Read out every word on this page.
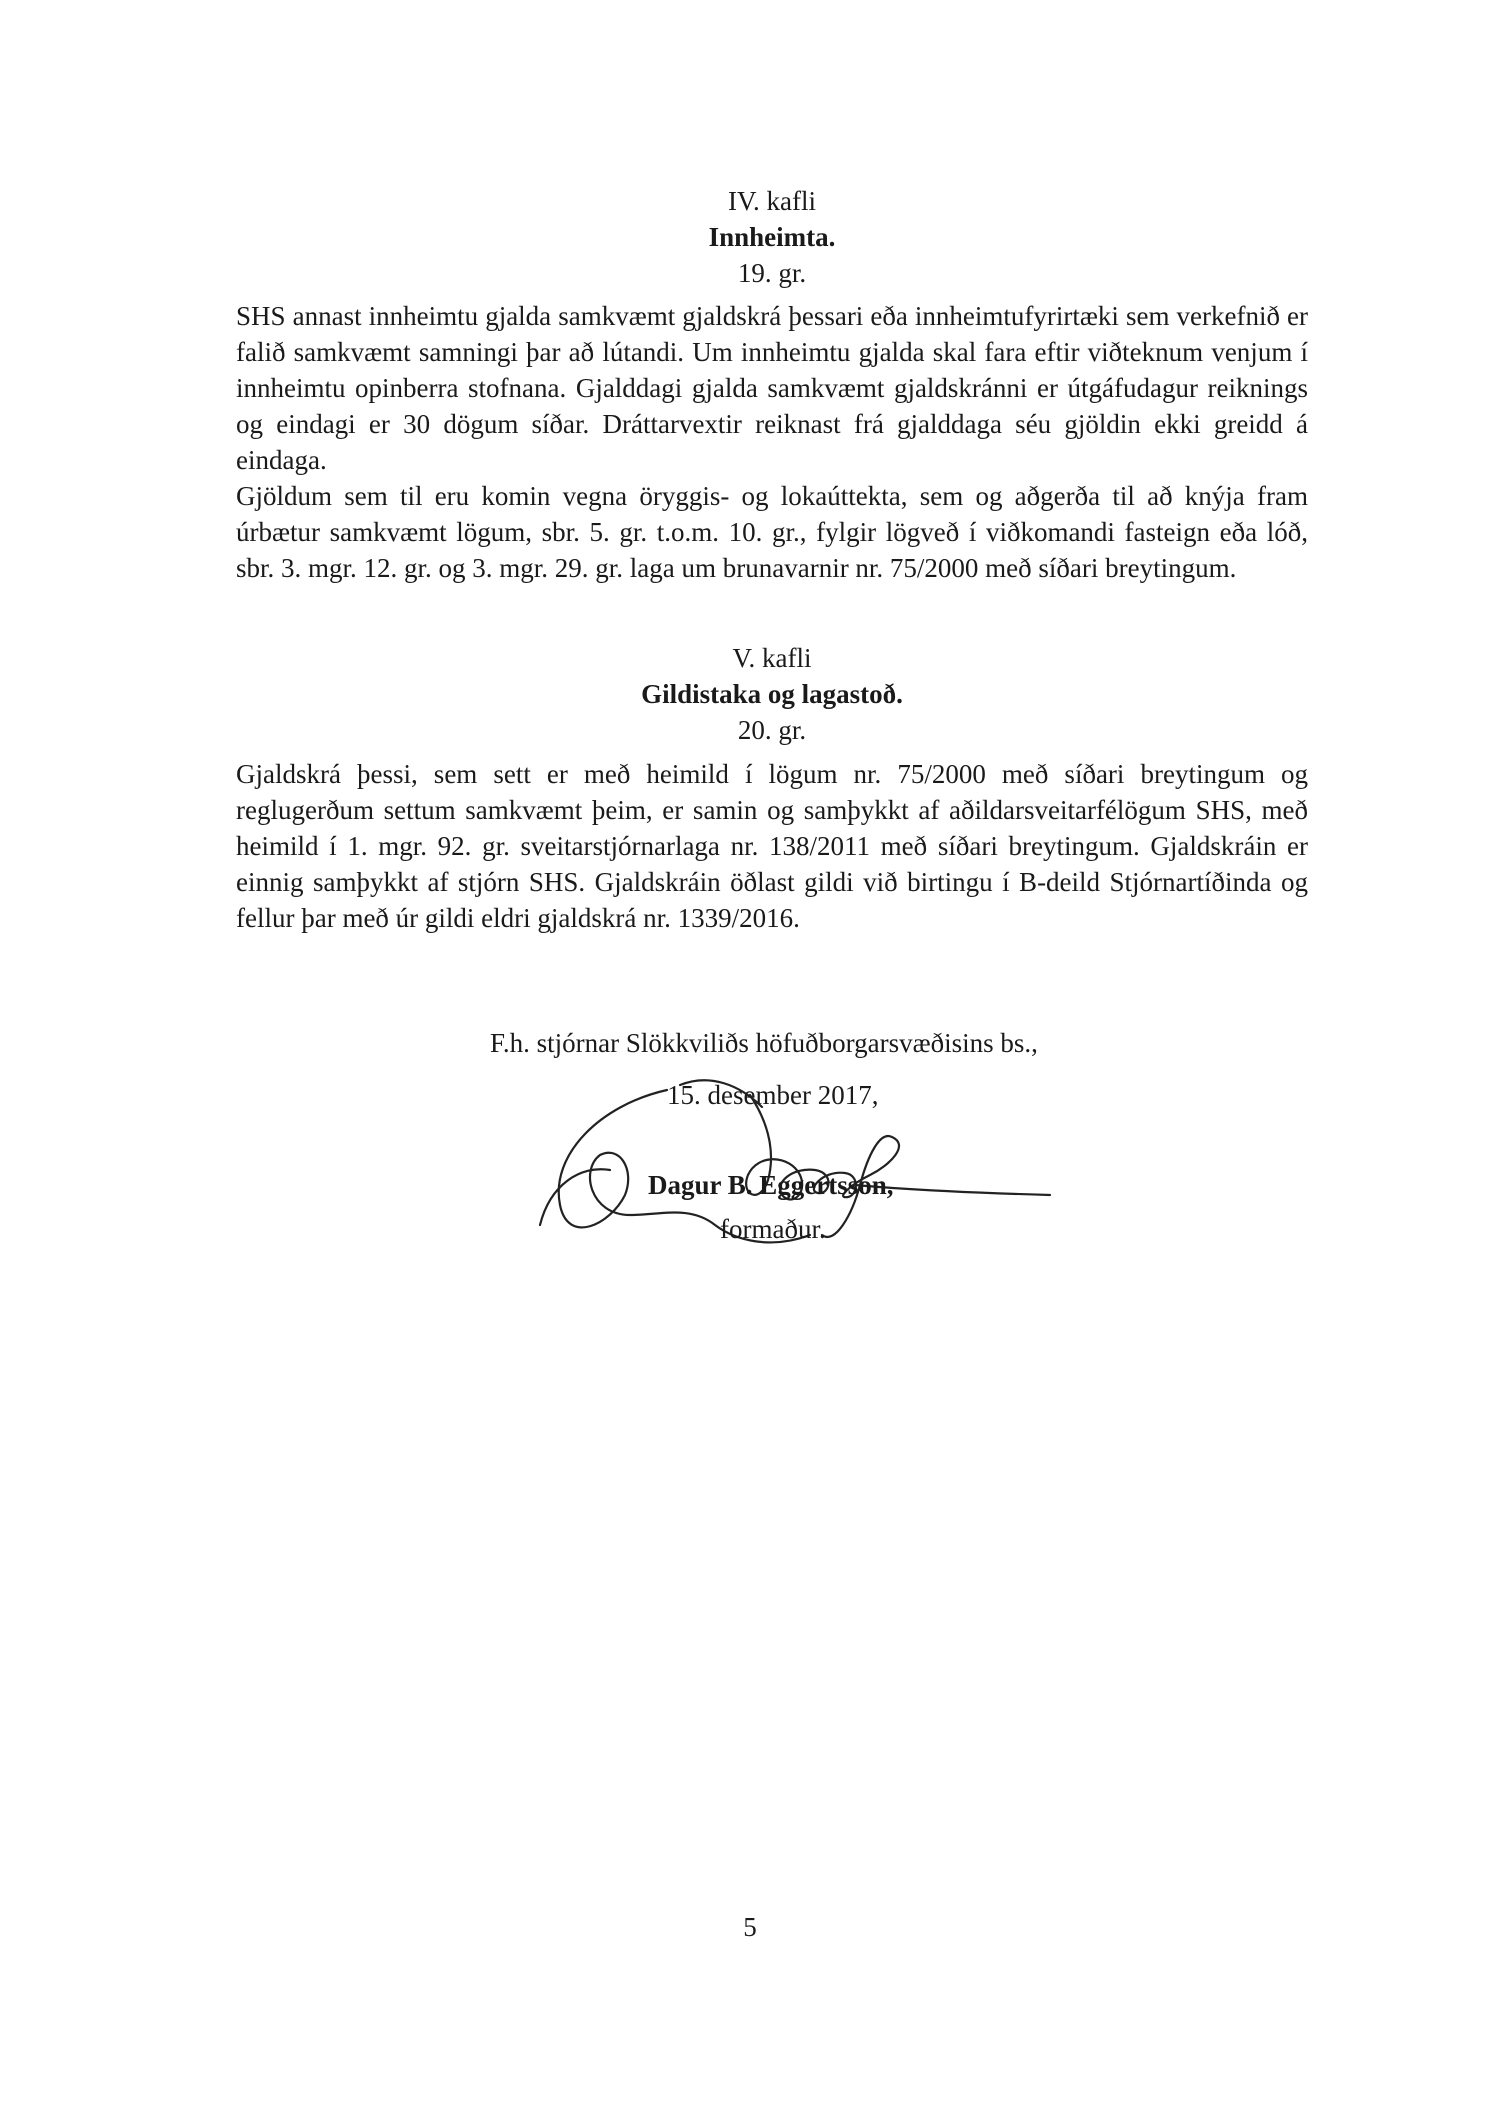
IV. kafli
Innheimta.
19. gr.

SHS annast innheimtu gjalda samkvæmt gjaldskrá þessari eða innheimtufyrirtæki sem verkefnið er falið samkvæmt samningi þar að lútandi. Um innheimtu gjalda skal fara eftir viðteknum venjum í innheimtu opinberra stofnana. Gjalddagi gjalda samkvæmt gjaldskránni er útgáfudagur reiknings og eindagi er 30 dögum síðar. Dráttarvextir reiknast frá gjalddaga séu gjöldin ekki greidd á eindaga.

Gjöldum sem til eru komin vegna öryggis- og lokaúttekta, sem og aðgerða til að knýja fram úrbætur samkvæmt lögum, sbr. 5. gr. t.o.m. 10. gr., fylgir lögveð í viðkomandi fasteign eða lóð, sbr. 3. mgr. 12. gr. og 3. mgr. 29. gr. laga um brunavarnir nr. 75/2000 með síðari breytingum.

V. kafli
Gildistaka og lagastoð.
20. gr.

Gjaldskrá þessi, sem sett er með heimild í lögum nr. 75/2000 með síðari breytingum og reglugerðum settum samkvæmt þeim, er samin og samþykkt af aðildarsveitarfélögum SHS, með heimild í 1. mgr. 92. gr. sveitarstjórnarlaga nr. 138/2011 með síðari breytingum. Gjaldskráin er einnig samþykkt af stjórn SHS. Gjaldskráin öðlast gildi við birtingu í B-deild Stjórnartíðinda og fellur þar með úr gildi eldri gjaldskrá nr. 1339/2016.

F.h. stjórnar Slökkviliðs höfuðborgarsvæðisins bs.,
15. desember 2017,
Dagur B. Eggertsson,
formaður.
5
